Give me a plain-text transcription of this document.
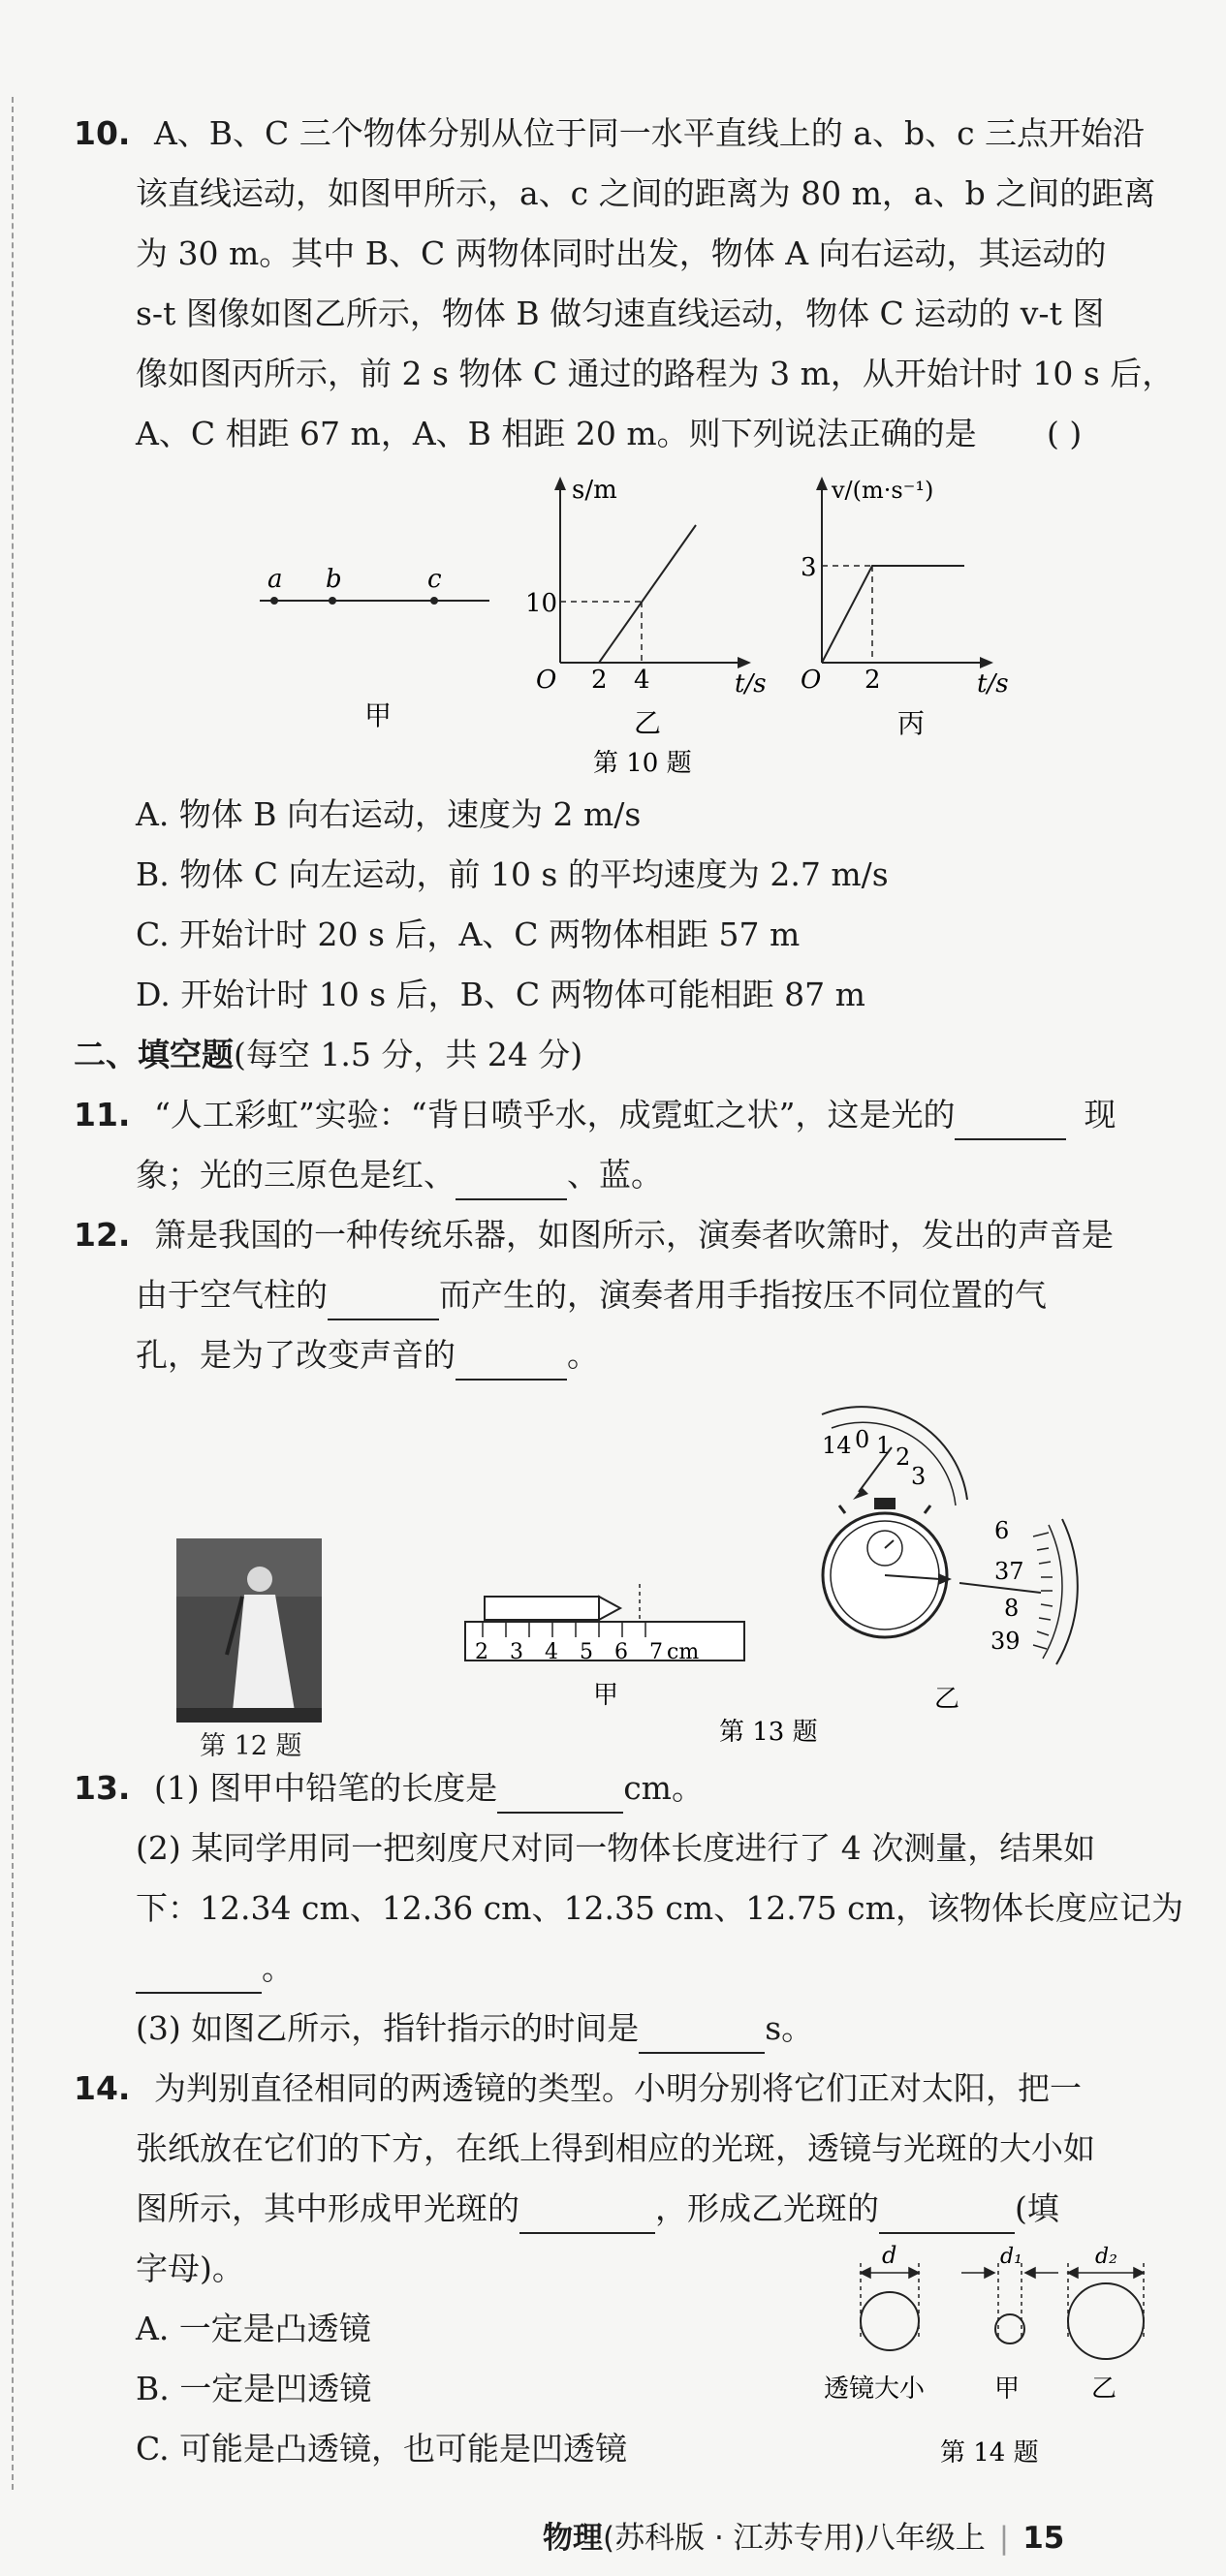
10. A、B、C 三个物体分别从位于同一水平直线上的 a、b、c 三点开始沿
该直线运动，如图甲所示，a、c 之间的距离为 80 m，a、b 之间的距离
为 30 m。其中 B、C 两物体同时出发，物体 A 向右运动，其运动的
s-t 图像如图乙所示，物体 B 做匀速直线运动，物体 C 运动的 v-t 图
像如图丙所示，前 2 s 物体 C 通过的路程为 3 m，从开始计时 10 s 后，
A、C 相距 67 m，A、B 相距 20 m。则下列说法正确的是 ( )
a b	c
甲
s/m
t/s
O
10
2 4
乙
v/(m·s⁻¹)
t/s
O
3
2
丙
第 10 题
A. 物体 B 向右运动，速度为 2 m/s
B. 物体 C 向左运动，前 10 s 的平均速度为 2.7 m/s
C. 开始计时 20 s 后，A、C 两物体相距 57 m
D. 开始计时 10 s 后，B、C 两物体可能相距 87 m
二、填空题(每空 1.5 分，共 24 分)
11. “人工彩虹”实验：“背日喷乎水，成霓虹之状”，这是光的	现
象；光的三原色是红、	、蓝。
12. 箫是我国的一种传统乐器，如图所示，演奏者吹箫时，发出的声音是
由于空气柱的	而产生的，演奏者用手指按压不同位置的气
孔，是为了改变声音的	。
第 12 题
2 3 4 5 6 7 cm
甲
第 13 题
14 0 1 2
3
6
37
8
39
乙
13. (1) 图甲中铅笔的长度是	cm。
(2) 某同学用同一把刻度尺对同一物体长度进行了 4 次测量，结果如
下：12.34 cm、12.36 cm、12.35 cm、12.75 cm，该物体长度应记为
。
(3) 如图乙所示，指针指示的时间是	s。
14. 为判别直径相同的两透镜的类型。小明分别将它们正对太阳，把一
张纸放在它们的下方，在纸上得到相应的光斑，透镜与光斑的大小如
图所示，其中形成甲光斑的	，形成乙光斑的	(填
字母)。
A. 一定是凸透镜
B. 一定是凹透镜
C. 可能是凸透镜，也可能是凹透镜
d	d₁	d₂
透镜大小	甲	乙
第 14 题
物理(苏科版 · 江苏专用)八年级上 | 15
